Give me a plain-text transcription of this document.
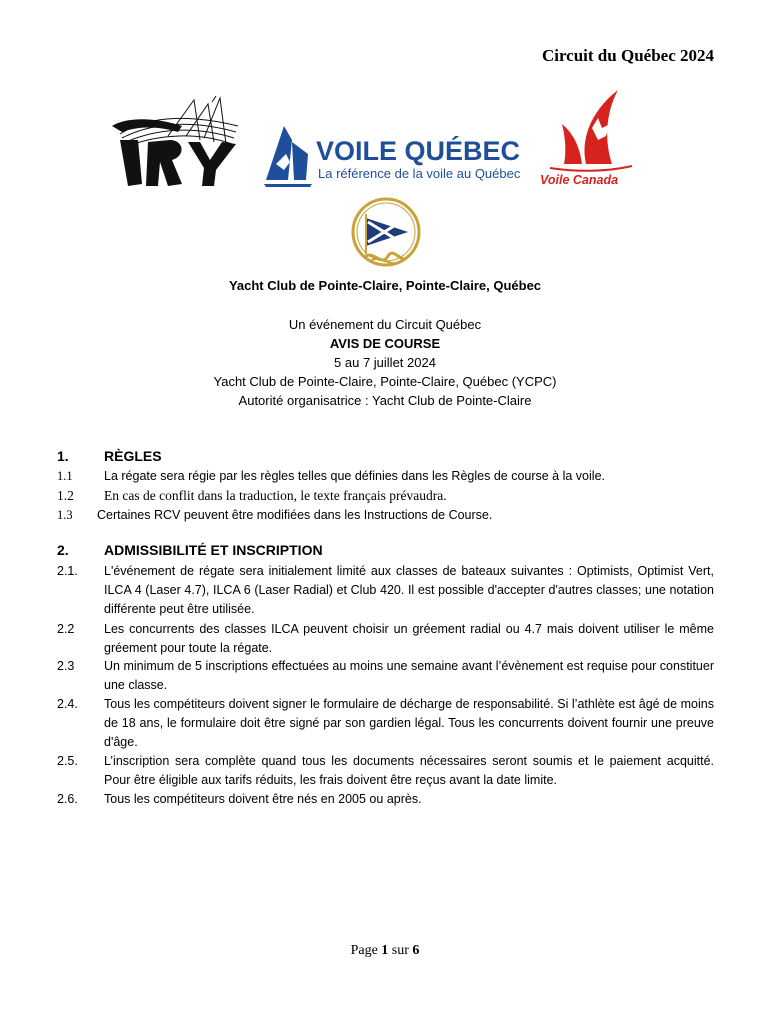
Circuit du Québec 2024
VOILE QUÉBEC
La référence de la voile au Québec Voile Canada
Yacht Club de Pointe-Claire, Pointe-Claire, Québec
Un événement du Circuit Québec
AVIS DE COURSE
5 au 7 juillet 2024
Yacht Club de Pointe-Claire, Pointe-Claire, Québec (YCPC)
Autorité organisatrice : Yacht Club de Pointe-Claire
1.	RÈGLES
1.1	La régate sera régie par les règles telles que définies dans les Règles de course à la voile.
1.2 En cas de conflit dans la traduction, le texte français prévaudra.
1.3 Certaines RCV peuvent être modifiées dans les Instructions de Course.
2.	ADMISSIBILITÉ ET INSCRIPTION
2.1. L'événement de régate sera initialement limité aux classes de bateaux suivantes : Optimists, Optimist Vert, ILCA 4 (Laser 4.7), ILCA 6 (Laser Radial) et Club 420. Il est possible d'accepter d'autres classes; une notation différente peut être utilisée.
2.2 Les concurrents des classes ILCA peuvent choisir un gréement radial ou 4.7 mais doivent utiliser le même gréement pour toute la régate.
2.3 Un minimum de 5 inscriptions effectuées au moins une semaine avant l’évènement est requise pour constituer une classe.
2.4. Tous les compétiteurs doivent signer le formulaire de décharge de responsabilité. Si l’athlète est âgé de moins de 18 ans, le formulaire doit être signé par son gardien légal. Tous les concurrents doivent fournir une preuve d'âge.
2.5. L’inscription sera complète quand tous les documents nécessaires seront soumis et le paiement acquitté. Pour être éligible aux tarifs réduits, les frais doivent être reçus avant la date limite.
2.6. Tous les compétiteurs doivent être nés en 2005 ou après.
Page 1 sur 6
